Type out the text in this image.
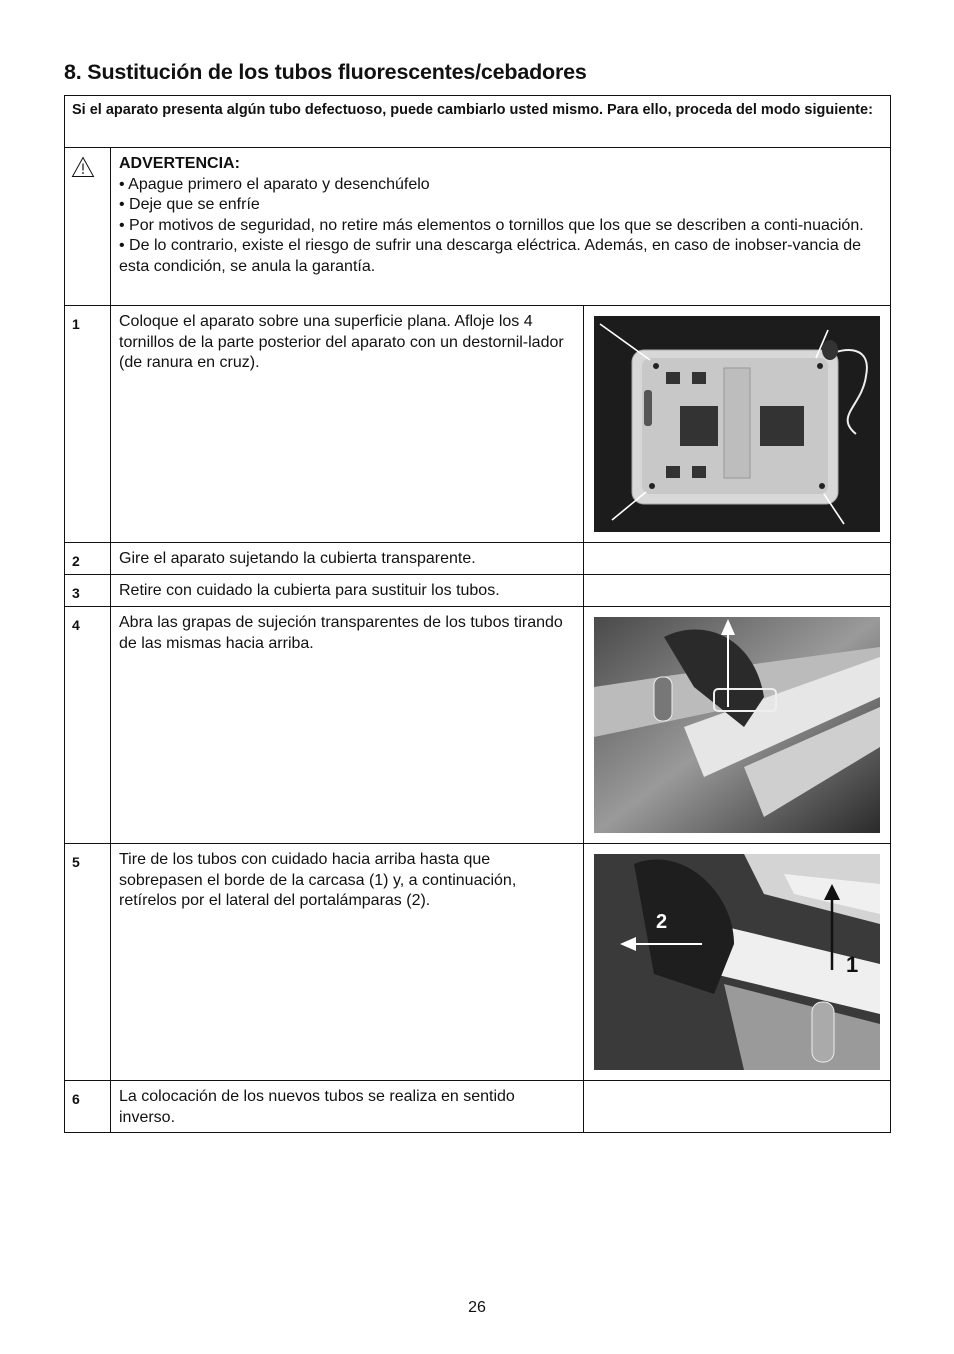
8. Sustitución de los tubos fluorescentes/cebadores
Si el aparato presenta algún tubo defectuoso, puede cambiarlo usted mismo. Para ello, proceda del modo siguiente:		

ADVERTENCIA:
• Apague primero el aparato y desenchúfelo
• Deje que se enfríe
• Por motivos de seguridad, no retire más elementos o tornillos que los que se describen a conti-nuación.
• De lo contrario, existe el riesgo de sufrir una descarga eléctrica. Además, en caso de inobser-vancia de esta condición, se anula la garantía.	

1	Coloque el aparato sobre una superficie plana. Afloje los 4 tornillos de la parte posterior del aparato con un destornil-lador (de ranura en cruz).	

2	Gire el aparato sujetando la cubierta transparente.	
3	Retire con cuidado la cubierta para sustituir los tubos.	
4	Abra las grapas de sujeción transparentes de los tubos tirando de las mismas hacia arriba.	

5	Tire de los tubos con cuidado hacia arriba hasta que sobrepasen el borde de la carcasa (1) y, a continuación, retírelos por el lateral del portalámparas (2).	2
1

6	La colocación de los nuevos tubos se realiza en sentido inverso.	
26
